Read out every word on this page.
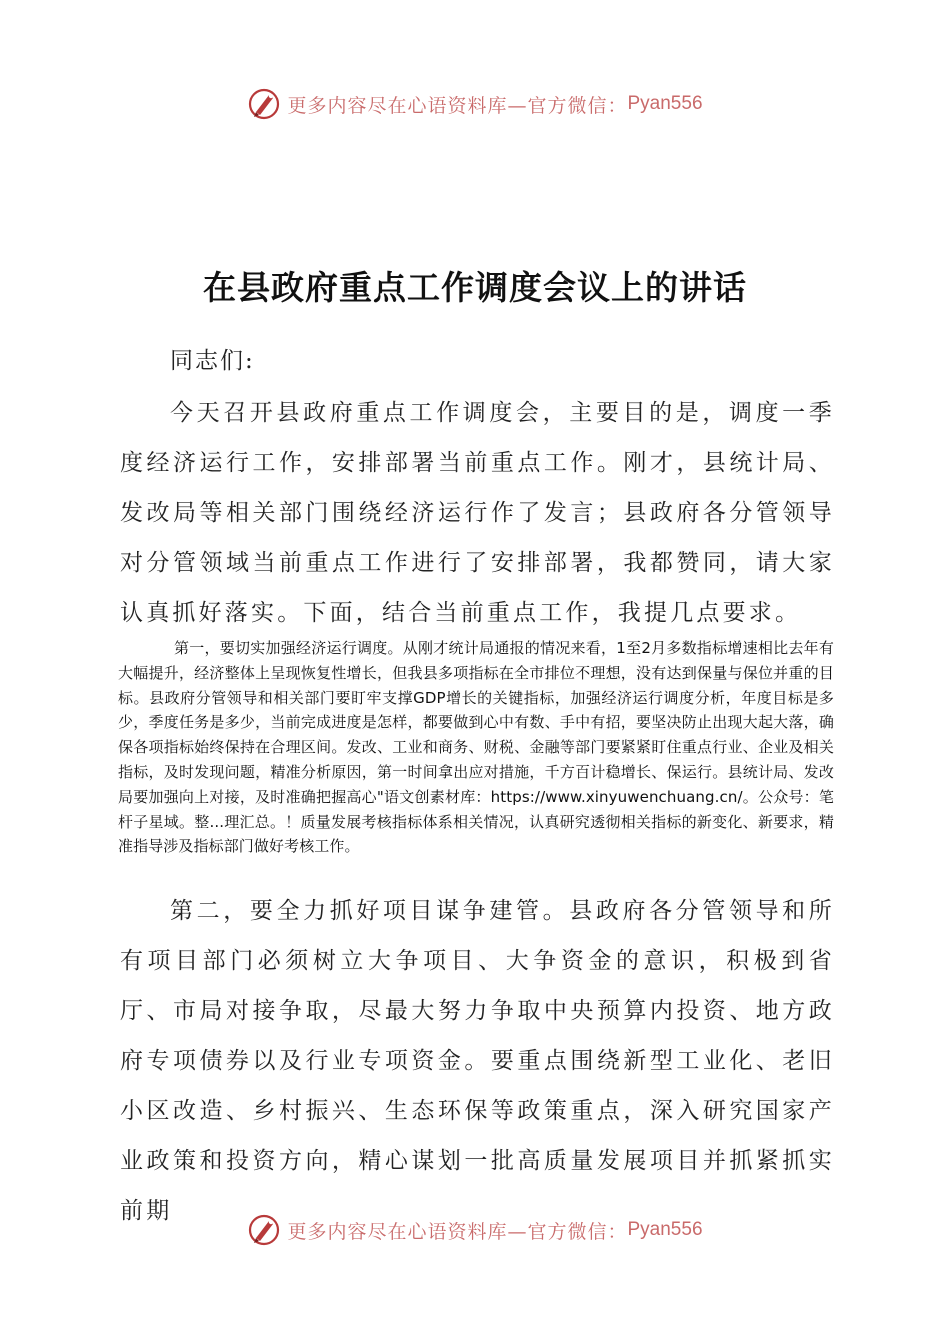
更多内容尽在心语资料库—官方微信： Pyan556
在县政府重点工作调度会议上的讲话
同志们:

今天召开县政府重点工作调度会，主要目的是，调度一季度经济运行工作，安排部署当前重点工作。刚才，县统计局、发改局等相关部门围绕经济运行作了发言；县政府各分管领导对分管领域当前重点工作进行了安排部署，我都赞同，请大家认真抓好落实。下面，结合当前重点工作，我提几点要求。

第一，要切实加强经济运行调度。从刚才统计局通报的情况来看，1至2月多数指标增速相比去年有大幅提升，经济整体上呈现恢复性增长，但我县多项指标在全市排位不理想，没有达到保量与保位并重的目标。县政府分管领导和相关部门要盯牢支撑GDP增长的关键指标，加强经济运行调度分析，年度目标是多少，季度任务是多少，当前完成进度是怎样，都要做到心中有数、手中有招，要坚决防止出现大起大落，确保各项指标始终保持在合理区间。发改、工业和商务、财税、金融等部门要紧紧盯住重点行业、企业及相关指标，及时发现问题，精准分析原因，第一时间拿出应对措施，千方百计稳增长、保运行。县统计局、发改局要加强向上对接，及时准确把握高心"语文创素材库：https://www.xinyuwenchuang.cn/。公众号：笔杆子星域。整...理汇总。！质量发展考核指标体系相关情况，认真研究透彻相关指标的新变化、新要求，精准指导涉及指标部门做好考核工作。

第二，要全力抓好项目谋争建管。县政府各分管领导和所有项目部门必须树立大争项目、大争资金的意识，积极到省厅、市局对接争取，尽最大努力争取中央预算内投资、地方政府专项债券以及行业专项资金。要重点围绕新型工业化、老旧小区改造、乡村振兴、生态环保等政策重点，深入研究国家产业政策和投资方向，精心谋划一批高质量发展项目并抓紧抓实前期

更多内容尽在心语资料库—官方微信： Pyan556
